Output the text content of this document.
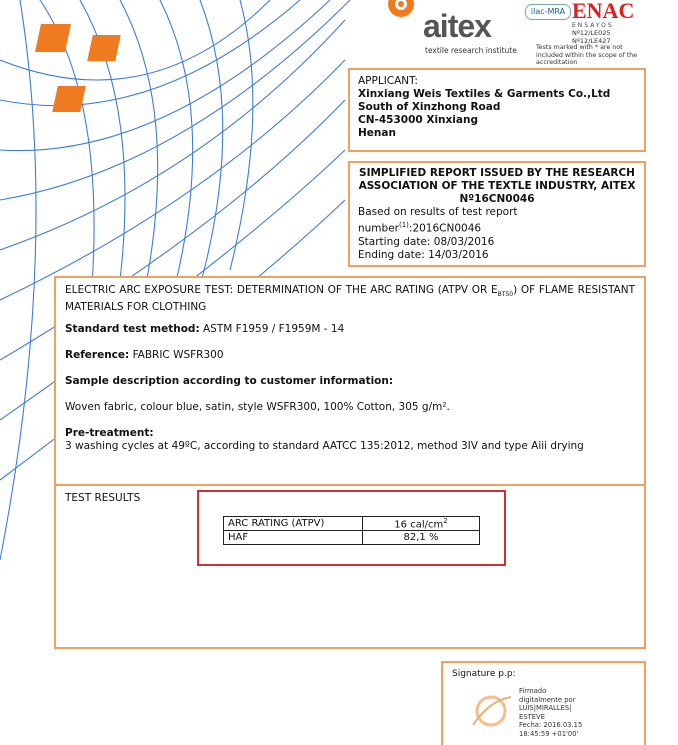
aitex
textile research institute
ilac-MRA ENAC
ENSAYOS
Nº12/LE025
Nº12/LE427
Tests marked with * are not included within the scope of the accreditation
APPLICANT:
Xinxiang Weis Textiles & Garments Co.,Ltd
South of Xinzhong Road
CN-453000 Xinxiang
Henan
SIMPLIFIED REPORT ISSUED BY THE RESEARCH
ASSOCIATION OF THE TEXTLE INDUSTRY, AITEX
Nº16CN0046
Based on results of test report number$^{(1)}$:2016CN0046
Starting date: 08/03/2016
Ending date: 14/03/2016
ELECTRIC ARC EXPOSURE TEST: DETERMINATION OF THE ARC RATING (ATPV OR $E_{BT50}$) OF FLAME RESISTANT MATERIALS FOR CLOTHING
Standard test method: ASTM F1959 / F1959M - 14
Reference: FABRIC WSFR300
Sample description according to customer information:
Woven fabric, colour blue, satin, style WSFR300, 100% Cotton, 305 g/m².
Pre-treatment:
3 washing cycles at 49ºC, according to standard AATCC 135:2012, method 3IV and type Aiii drying
TEST RESULTS
ARC RATING (ATPV)	16 cal/$cm^2$
HAF	82,1 %
Signature p.p:
Firmado
digitalmente por
LUIS|MIRALLES|
ESTEVE
Fecha: 2016.03.15
18:45:59 +01'00'
